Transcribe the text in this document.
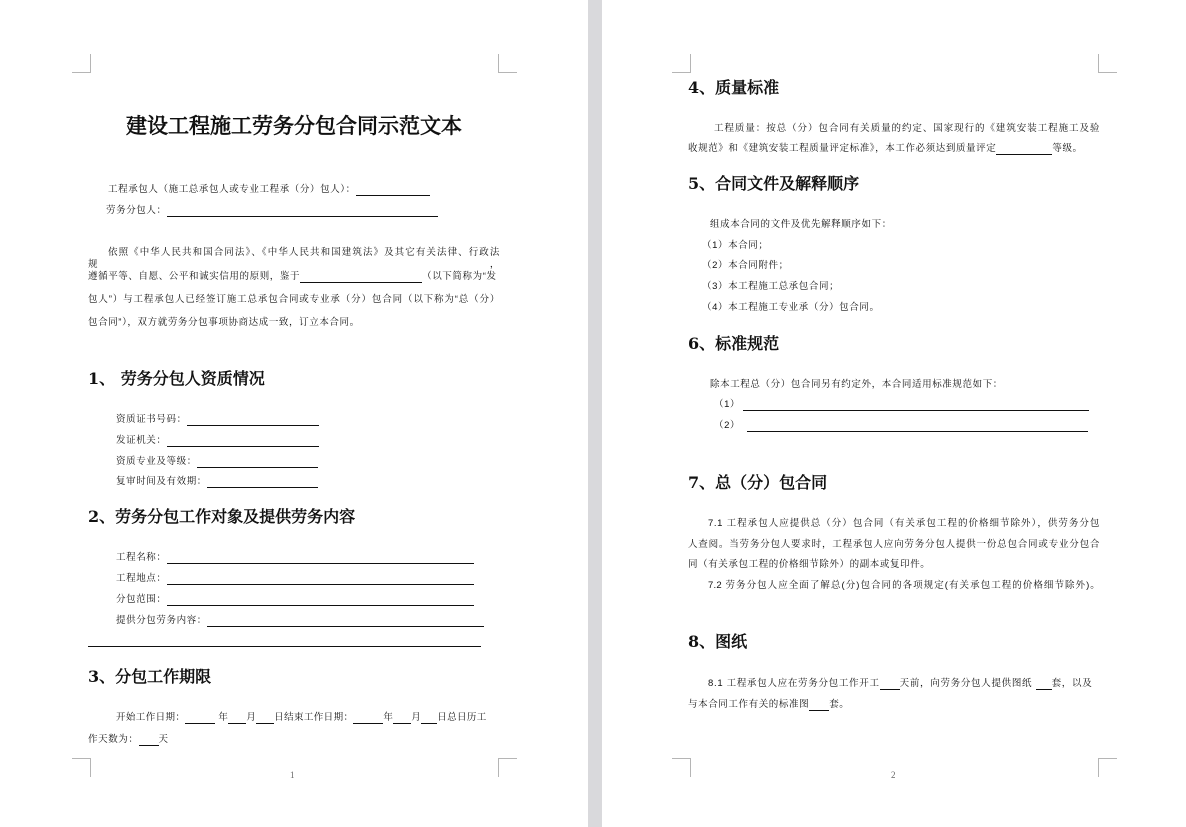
建设工程施工劳务分包合同示范文本
工程承包人（施工总承包人或专业工程承（分）包人）：
劳务分包人：
依照《中华人民共和国合同法》、《中华人民共和国建筑法》及其它有关法律、行政法规，
遵循平等、自愿、公平和诚实信用的原则，鉴于	（以下简称为“发
包人”）与工程承包人已经签订施工总承包合同或专业承（分）包合同（以下称为“总（分）
包合同”），双方就劳务分包事项协商达成一致，订立本合同。
1、 劳务分包人资质情况
资质证书号码：
发证机关：
资质专业及等级：
复审时间及有效期：
2、劳务分包工作对象及提供劳务内容
工程名称：
工程地点：
分包范围：
提供分包劳务内容：
3、分包工作期限
开始工作日期：	年 月 日结束工作日期：	年 月 日总日历工
作天数为： 天
1
4、质量标准
工程质量：按总（分）包合同有关质量的约定、国家现行的《建筑安装工程施工及验
收规范》和《建筑安装工程质量评定标准》，本工作必须达到质量评定	等级。
5、合同文件及解释顺序
组成本合同的文件及优先解释顺序如下：
（1）本合同；
（2）本合同附件；
（3）本工程施工总承包合同；
（4）本工程施工专业承（分）包合同。
6、标准规范
除本工程总（分）包合同另有约定外，本合同适用标准规范如下：
（1）
（2）
7、总（分）包合同
7.1 工程承包人应提供总（分）包合同（有关承包工程的价格细节除外），供劳务分包
人查阅。当劳务分包人要求时，工程承包人应向劳务分包人提供一份总包合同或专业分包合
同（有关承包工程的价格细节除外）的副本或复印件。
7.2 劳务分包人应全面了解总(分)包合同的各项规定(有关承包工程的价格细节除外)。
8、图纸
8.1 工程承包人应在劳务分包工作开工 天前，向劳务分包人提供图纸 套，以及
与本合同工作有关的标准图 套。
2
